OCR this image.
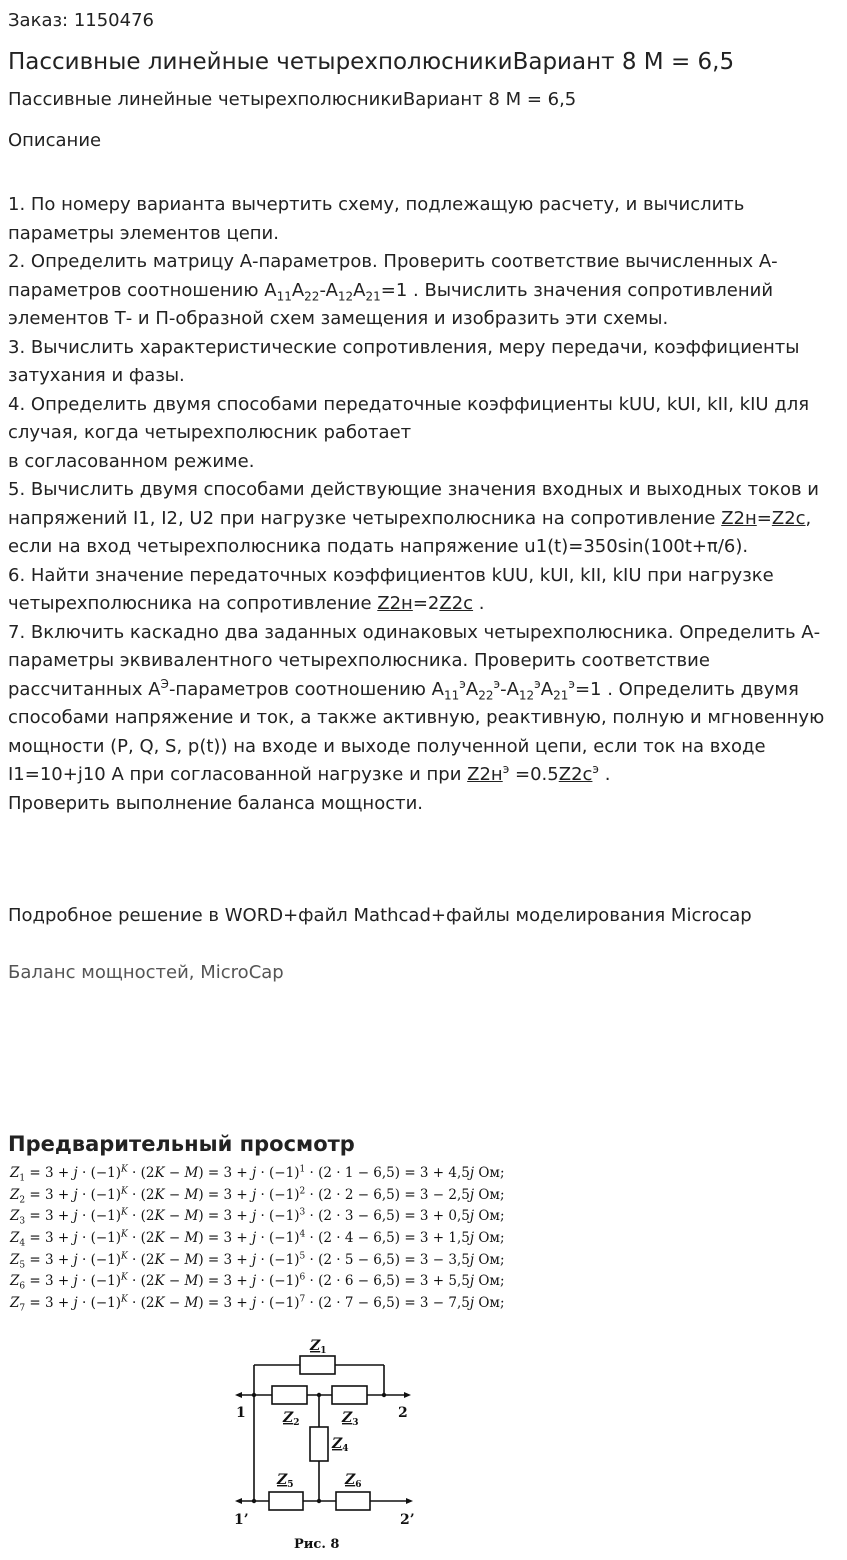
Заказ: 1150476
Пассивные линейные четырехполюсникиВариант 8 М = 6,5
Пассивные линейные четырехполюсникиВариант 8 М = 6,5
Описание

1. По номеру варианта вычертить схему, подлежащую расчету, и вычислить параметры элементов цепи.

2. Определить матрицу А-параметров. Проверить соответствие вычисленных А-параметров соотношению $A_{11}A_{22}-A_{12}A_{21}=1$ . Вычислить значения сопротивлений элементов Т- и П-образной схем замещения и изобразить эти схемы.

3. Вычислить характеристические сопротивления, меру передачи, коэффициенты затухания и фазы.

4. Определить двумя способами передаточные коэффициенты kUU, kUI, kII, kIU для случая, когда четырехполюсник работает
в согласованном режиме.

5. Вычислить двумя способами действующие значения входных и выходных токов и напряжений I1, I2, U2 при нагрузке четырехполюсника на сопротивление Z2н=Z2с, если на вход четырехполюсника подать напряжение u1(t)=350sin(100t+π/6).

6. Найти значение передаточных коэффициентов kUU, kUI, kII, kIU при нагрузке четырехполюсника на сопротивление Z2н=2Z2с .

7. Включить каскадно два заданных одинаковых четырехполюсника. Определить А-параметры эквивалентного четырехполюсника. Проверить соответствие рассчитанных $А^Э$-параметров соотношению $A_{11}^эA_{22}^э-A_{12}^эA_{21}^э=1$ . Определить двумя способами напряжение и ток, а также активную, реактивную, полную и мгновенную мощности (P, Q, S, p(t)) на входе и выходе полученной цепи, если ток на входе I1=10+j10 А при согласованной нагрузке и при $Z2н^э =0.5Z2с^э$ .
Проверить выполнение баланса мощности.

Подробное решение в WORD+файл Mathcad+файлы моделирования Microcap
Баланс мощностей, MicroCap
Предварительный просмотр
$Z_1 = 3 + j \cdot (-1)^K \cdot (2K - M) = 3 + j \cdot (-1)^1 \cdot (2 \cdot 1 - 6,5) = 3 + 4,5j$ Ом;
$Z_2 = 3 + j \cdot (-1)^K \cdot (2K - M) = 3 + j \cdot (-1)^2 \cdot (2 \cdot 2 - 6,5) = 3 - 2,5j$ Ом;
$Z_3 = 3 + j \cdot (-1)^K \cdot (2K - M) = 3 + j \cdot (-1)^3 \cdot (2 \cdot 3 - 6,5) = 3 + 0,5j$ Ом;
$Z_4 = 3 + j \cdot (-1)^K \cdot (2K - M) = 3 + j \cdot (-1)^4 \cdot (2 \cdot 4 - 6,5) = 3 + 1,5j$ Ом;
$Z_5 = 3 + j \cdot (-1)^K \cdot (2K - M) = 3 + j \cdot (-1)^5 \cdot (2 \cdot 5 - 6,5) = 3 - 3,5j$ Ом;
$Z_6 = 3 + j \cdot (-1)^K \cdot (2K - M) = 3 + j \cdot (-1)^6 \cdot (2 \cdot 6 - 6,5) = 3 + 5,5j$ Ом;
$Z_7 = 3 + j \cdot (-1)^K \cdot (2K - M) = 3 + j \cdot (-1)^7 \cdot (2 \cdot 7 - 6,5) = 3 - 7,5j$ Ом;
$Z_1$
$Z_2$	$Z_3$
$Z_4$
$Z_5$	$Z_6$
1	2
1’	2’
Рис. 8
